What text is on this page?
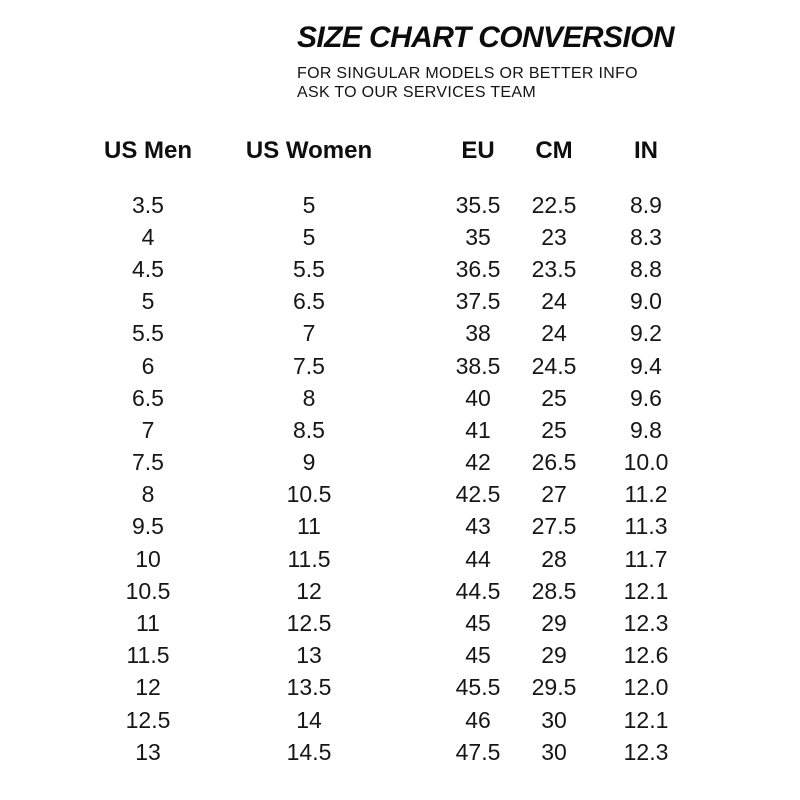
SIZE CHART CONVERSION

FOR SINGULAR MODELS OR BETTER INFO

ASK TO OUR SERVICES TEAM

US Men	US Women	EU	CM	IN
3.5	5	35.5	22.5	8.9
4	5	35	23	8.3
4.5	5.5	36.5	23.5	8.8
5	6.5	37.5	24	9.0
5.5	7	38	24	9.2
6	7.5	38.5	24.5	9.4
6.5	8	40	25	9.6
7	8.5	41	25	9.8
7.5	9	42	26.5	10.0
8	10.5	42.5	27	11.2
9.5	11	43	27.5	11.3
10	11.5	44	28	11.7
10.5	12	44.5	28.5	12.1
11	12.5	45	29	12.3
11.5	13	45	29	12.6
12	13.5	45.5	29.5	12.0
12.5	14	46	30	12.1
13	14.5	47.5	30	12.3
